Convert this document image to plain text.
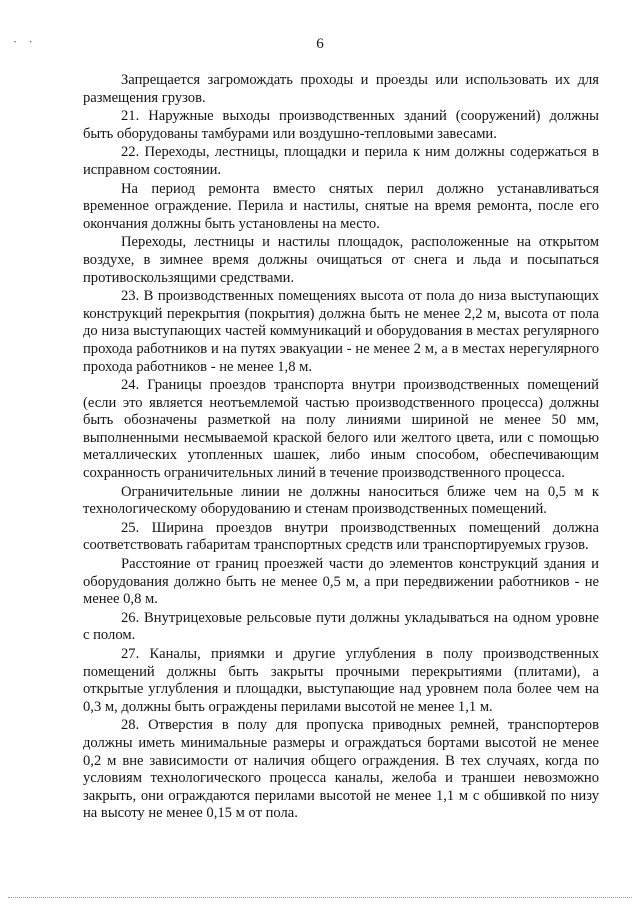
• •	6

Запрещается загромождать проходы и проезды или использовать их для размещения грузов.

21. Наружные выходы производственных зданий (сооружений) должны быть оборудованы тамбурами или воздушно-тепловыми завесами.

22. Переходы, лестницы, площадки и перила к ним должны содержаться в исправном состоянии.

На период ремонта вместо снятых перил должно устанавливаться временное ограждение. Перила и настилы, снятые на время ремонта, после его окончания должны быть установлены на место.

Переходы, лестницы и настилы площадок, расположенные на открытом воздухе, в зимнее время должны очищаться от снега и льда и посыпаться противоскользящими средствами.

23. В производственных помещениях высота от пола до низа выступающих конструкций перекрытия (покрытия) должна быть не менее 2,2 м, высота от пола до низа выступающих частей коммуникаций и оборудования в местах регулярного прохода работников и на путях эвакуации - не менее 2 м, а в местах нерегулярного прохода работников - не менее 1,8 м.

24. Границы проездов транспорта внутри производственных помещений (если это является неотъемлемой частью производственного процесса) должны быть обозначены разметкой на полу линиями шириной не менее 50 мм, выполненными несмываемой краской белого или желтого цвета, или с помощью металлических утопленных шашек, либо иным способом, обеспечивающим сохранность ограничительных линий в течение производственного процесса.

Ограничительные линии не должны наноситься ближе чем на 0,5 м к технологическому оборудованию и стенам производственных помещений.

25. Ширина проездов внутри производственных помещений должна соответствовать габаритам транспортных средств или транспортируемых грузов.

Расстояние от границ проезжей части до элементов конструкций здания и оборудования должно быть не менее 0,5 м, а при передвижении работников - не менее 0,8 м.

26. Внутрицеховые рельсовые пути должны укладываться на одном уровне с полом.

27. Каналы, приямки и другие углубления в полу производственных помещений должны быть закрыты прочными перекрытиями (плитами), а открытые углубления и площадки, выступающие над уровнем пола более чем на 0,3 м, должны быть ограждены перилами высотой не менее 1,1 м.

28. Отверстия в полу для пропуска приводных ремней, транспортеров должны иметь минимальные размеры и ограждаться бортами высотой не менее 0,2 м вне зависимости от наличия общего ограждения. В тех случаях, когда по условиям технологического процесса каналы, желоба и траншеи невозможно закрыть, они ограждаются перилами высотой не менее 1,1 м с обшивкой по низу на высоту не менее 0,15 м от пола.
